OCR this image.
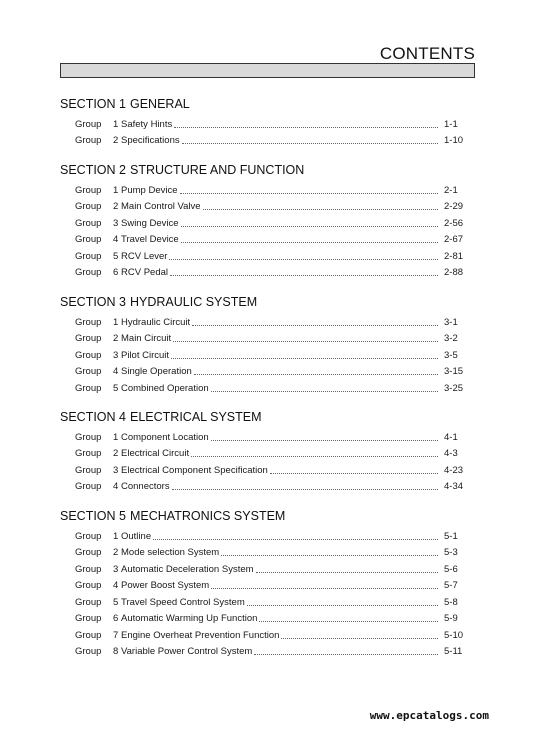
CONTENTS
SECTION 1 GENERAL
Group	1 Safety Hints	1-1
Group	2 Specifications	1-10
SECTION 2 STRUCTURE AND FUNCTION
Group	1 Pump Device	2-1
Group	2 Main Control Valve	2-29
Group	3 Swing Device	2-56
Group	4 Travel Device	2-67
Group	5 RCV Lever	2-81
Group	6 RCV Pedal	2-88
SECTION 3 HYDRAULIC SYSTEM
Group	1 Hydraulic Circuit	3-1
Group	2 Main Circuit	3-2
Group	3 Pilot Circuit	3-5
Group	4 Single Operation	3-15
Group	5 Combined Operation	3-25
SECTION 4 ELECTRICAL SYSTEM
Group	1 Component Location	4-1
Group	2 Electrical Circuit	4-3
Group	3 Electrical Component Specification	4-23
Group	4 Connectors	4-34
SECTION 5 MECHATRONICS SYSTEM
Group	1 Outline	5-1
Group	2 Mode selection System	5-3
Group	3 Automatic Deceleration System	5-6
Group	4 Power Boost System	5-7
Group	5 Travel Speed Control System	5-8
Group	6 Automatic Warming Up Function	5-9
Group	7 Engine Overheat Prevention Function	5-10
Group	8 Variable Power Control System	5-11
www.epcatalogs.com
